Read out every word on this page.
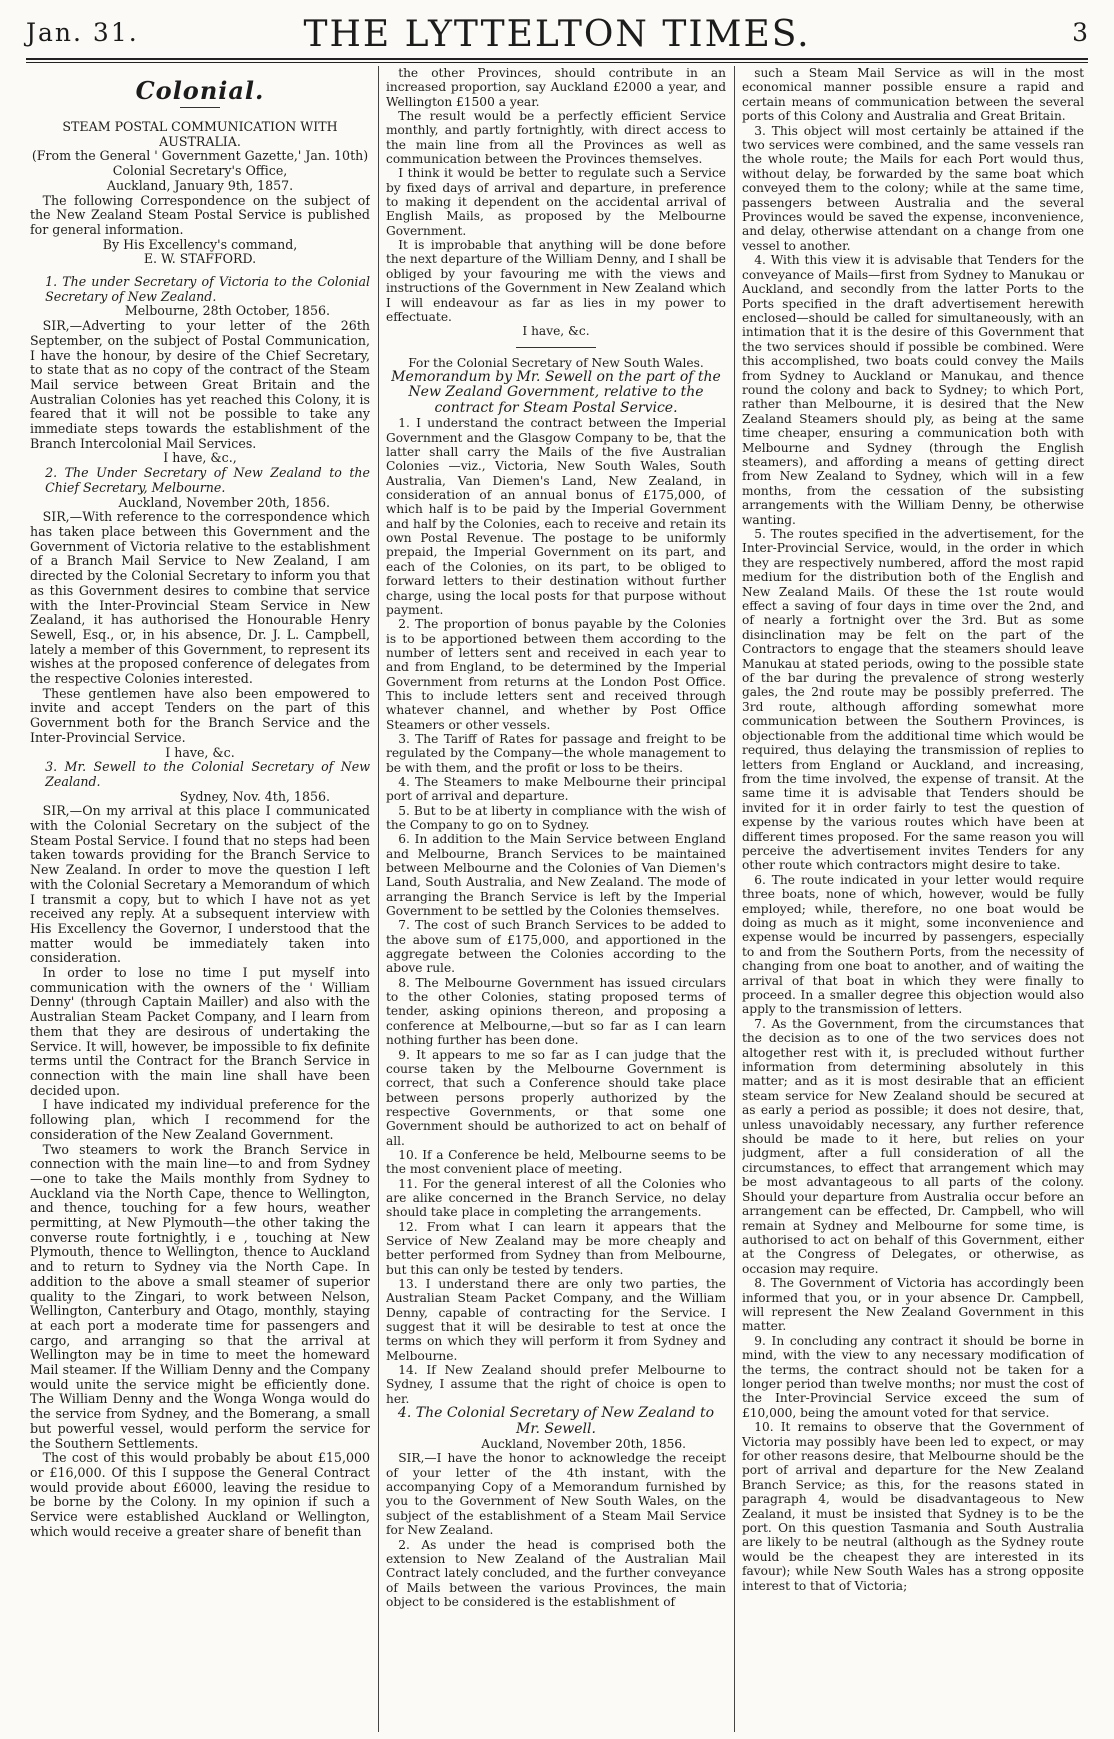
Jan. 31.	THE LYTTELTON TIMES.	3
Colonial.

STEAM POSTAL COMMUNICATION WITH AUSTRALIA.

(From the General ' Government Gazette,' Jan. 10th)

Colonial Secretary's Office,

Auckland, January 9th, 1857.

The following Correspondence on the subject of the New Zealand Steam Postal Service is published for general information.

By His Excellency's command,

E. W. STAFFORD.

1. The under Secretary of Victoria to the Colonial Secretary of New Zealand.

Melbourne, 28th October, 1856.

SIR,—Adverting to your letter of the 26th September, on the subject of Postal Communication, I have the honour, by desire of the Chief Secretary, to state that as no copy of the contract of the Steam Mail service between Great Britain and the Australian Colonies has yet reached this Colony, it is feared that it will not be possible to take any immediate steps towards the establishment of the Branch Intercolonial Mail Services.

I have, &c.,

2. The Under Secretary of New Zealand to the Chief Secretary, Melbourne.

Auckland, November 20th, 1856.

SIR,—With reference to the correspondence which has taken place between this Government and the Government of Victoria relative to the establishment of a Branch Mail Service to New Zealand, I am directed by the Colonial Secretary to inform you that as this Government desires to combine that service with the Inter-Provincial Steam Service in New Zealand, it has authorised the Honourable Henry Sewell, Esq., or, in his absence, Dr. J. L. Campbell, lately a member of this Government, to represent its wishes at the proposed conference of delegates from the respective Colonies interested.

These gentlemen have also been empowered to invite and accept Tenders on the part of this Government both for the Branch Service and the Inter-Provincial Service.

I have, &c.

3. Mr. Sewell to the Colonial Secretary of New Zealand.

Sydney, Nov. 4th, 1856.

SIR,—On my arrival at this place I communicated with the Colonial Secretary on the subject of the Steam Postal Service. I found that no steps had been taken towards providing for the Branch Service to New Zealand. In order to move the question I left with the Colonial Secretary a Memorandum of which I transmit a copy, but to which I have not as yet received any reply. At a subsequent interview with His Excellency the Governor, I understood that the matter would be immediately taken into consideration.

In order to lose no time I put myself into communication with the owners of the ' William Denny' (through Captain Mailler) and also with the Australian Steam Packet Company, and I learn from them that they are desirous of undertaking the Service. It will, however, be impossible to fix definite terms until the Contract for the Branch Service in connection with the main line shall have been decided upon.

I have indicated my individual preference for the following plan, which I recommend for the consideration of the New Zealand Government.

Two steamers to work the Branch Service in connection with the main line—to and from Sydney—one to take the Mails monthly from Sydney to Auckland via the North Cape, thence to Wellington, and thence, touching for a few hours, weather permitting, at New Plymouth—the other taking the converse route fortnightly, i e , touching at New Plymouth, thence to Wellington, thence to Auckland and to return to Sydney via the North Cape. In addition to the above a small steamer of superior quality to the Zingari, to work between Nelson, Wellington, Canterbury and Otago, monthly, staying at each port a moderate time for passengers and cargo, and arranging so that the arrival at Wellington may be in time to meet the homeward Mail steamer. If the William Denny and the Company would unite the service might be efficiently done. The William Denny and the Wonga Wonga would do the service from Sydney, and the Bomerang, a small but powerful vessel, would perform the service for the Southern Settlements.

The cost of this would probably be about £15,000 or £16,000. Of this I suppose the General Contract would provide about £6000, leaving the residue to be borne by the Colony. In my opinion if such a Service were established Auckland or Wellington, which would receive a greater share of benefit than

the other Provinces, should contribute in an increased proportion, say Auckland £2000 a year, and Wellington £1500 a year.

The result would be a perfectly efficient Service monthly, and partly fortnightly, with direct access to the main line from all the Provinces as well as communication between the Provinces themselves.

I think it would be better to regulate such a Service by fixed days of arrival and departure, in preference to making it dependent on the accidental arrival of English Mails, as proposed by the Melbourne Government.

It is improbable that anything will be done before the next departure of the William Denny, and I shall be obliged by your favouring me with the views and instructions of the Government in New Zealand which I will endeavour as far as lies in my power to effectuate.

I have, &c.

For the Colonial Secretary of New South Wales.

Memorandum by Mr. Sewell on the part of the New Zealand Government, relative to the contract for Steam Postal Service.

1. I understand the contract between the Imperial Government and the Glasgow Company to be, that the latter shall carry the Mails of the five Australian Colonies —viz., Victoria, New South Wales, South Australia, Van Diemen's Land, New Zealand, in consideration of an annual bonus of £175,000, of which half is to be paid by the Imperial Government and half by the Colonies, each to receive and retain its own Postal Revenue. The postage to be uniformly prepaid, the Imperial Government on its part, and each of the Colonies, on its part, to be obliged to forward letters to their destination without further charge, using the local posts for that purpose without payment.

2. The proportion of bonus payable by the Colonies is to be apportioned between them according to the number of letters sent and received in each year to and from England, to be determined by the Imperial Government from returns at the London Post Office. This to include letters sent and received through whatever channel, and whether by Post Office Steamers or other vessels.

3. The Tariff of Rates for passage and freight to be regulated by the Company—the whole management to be with them, and the profit or loss to be theirs.

4. The Steamers to make Melbourne their principal port of arrival and departure.

5. But to be at liberty in compliance with the wish of the Company to go on to Sydney.

6. In addition to the Main Service between England and Melbourne, Branch Services to be maintained between Melbourne and the Colonies of Van Diemen's Land, South Australia, and New Zealand. The mode of arranging the Branch Service is left by the Imperial Government to be settled by the Colonies themselves.

7. The cost of such Branch Services to be added to the above sum of £175,000, and apportioned in the aggregate between the Colonies according to the above rule.

8. The Melbourne Government has issued circulars to the other Colonies, stating proposed terms of tender, asking opinions thereon, and proposing a conference at Melbourne,—but so far as I can learn nothing further has been done.

9. It appears to me so far as I can judge that the course taken by the Melbourne Government is correct, that such a Conference should take place between persons properly authorized by the respective Governments, or that some one Government should be authorized to act on behalf of all.

10. If a Conference be held, Melbourne seems to be the most convenient place of meeting.

11. For the general interest of all the Colonies who are alike concerned in the Branch Service, no delay should take place in completing the arrangements.

12. From what I can learn it appears that the Service of New Zealand may be more cheaply and better performed from Sydney than from Melbourne, but this can only be tested by tenders.

13. I understand there are only two parties, the Australian Steam Packet Company, and the William Denny, capable of contracting for the Service. I suggest that it will be desirable to test at once the terms on which they will perform it from Sydney and Melbourne.

14. If New Zealand should prefer Melbourne to Sydney, I assume that the right of choice is open to her.

4. The Colonial Secretary of New Zealand to Mr. Sewell.

Auckland, November 20th, 1856.

SIR,—I have the honor to acknowledge the receipt of your letter of the 4th instant, with the accompanying Copy of a Memorandum furnished by you to the Government of New South Wales, on the subject of the establishment of a Steam Mail Service for New Zealand.

2. As under the head is comprised both the extension to New Zealand of the Australian Mail Contract lately concluded, and the further conveyance of Mails between the various Provinces, the main object to be considered is the establishment of

such a Steam Mail Service as will in the most economical manner possible ensure a rapid and certain means of communication between the several ports of this Colony and Australia and Great Britain.

3. This object will most certainly be attained if the two services were combined, and the same vessels ran the whole route; the Mails for each Port would thus, without delay, be forwarded by the same boat which conveyed them to the colony; while at the same time, passengers between Australia and the several Provinces would be saved the expense, inconvenience, and delay, otherwise attendant on a change from one vessel to another.

4. With this view it is advisable that Tenders for the conveyance of Mails—first from Sydney to Manukau or Auckland, and secondly from the latter Ports to the Ports specified in the draft advertisement herewith enclosed—should be called for simultaneously, with an intimation that it is the desire of this Government that the two services should if possible be combined. Were this accomplished, two boats could convey the Mails from Sydney to Auckland or Manukau, and thence round the colony and back to Sydney; to which Port, rather than Melbourne, it is desired that the New Zealand Steamers should ply, as being at the same time cheaper, ensuring a communication both with Melbourne and Sydney (through the English steamers), and affording a means of getting direct from New Zealand to Sydney, which will in a few months, from the cessation of the subsisting arrangements with the William Denny, be otherwise wanting.

5. The routes specified in the advertisement, for the Inter-Provincial Service, would, in the order in which they are respectively numbered, afford the most rapid medium for the distribution both of the English and New Zealand Mails. Of these the 1st route would effect a saving of four days in time over the 2nd, and of nearly a fortnight over the 3rd. But as some disinclination may be felt on the part of the Contractors to engage that the steamers should leave Manukau at stated periods, owing to the possible state of the bar during the prevalence of strong westerly gales, the 2nd route may be possibly preferred. The 3rd route, although affording somewhat more communication between the Southern Provinces, is objectionable from the additional time which would be required, thus delaying the transmission of replies to letters from England or Auckland, and increasing, from the time involved, the expense of transit. At the same time it is advisable that Tenders should be invited for it in order fairly to test the question of expense by the various routes which have been at different times proposed. For the same reason you will perceive the advertisement invites Tenders for any other route which contractors might desire to take.

6. The route indicated in your letter would require three boats, none of which, however, would be fully employed; while, therefore, no one boat would be doing as much as it might, some inconvenience and expense would be incurred by passengers, especially to and from the Southern Ports, from the necessity of changing from one boat to another, and of waiting the arrival of that boat in which they were finally to proceed. In a smaller degree this objection would also apply to the transmission of letters.

7. As the Government, from the circumstances that the decision as to one of the two services does not altogether rest with it, is precluded without further information from determining absolutely in this matter; and as it is most desirable that an efficient steam service for New Zealand should be secured at as early a period as possible; it does not desire, that, unless unavoidably necessary, any further reference should be made to it here, but relies on your judgment, after a full consideration of all the circumstances, to effect that arrangement which may be most advantageous to all parts of the colony. Should your departure from Australia occur before an arrangement can be effected, Dr. Campbell, who will remain at Sydney and Melbourne for some time, is authorised to act on behalf of this Government, either at the Congress of Delegates, or otherwise, as occasion may require.

8. The Government of Victoria has accordingly been informed that you, or in your absence Dr. Campbell, will represent the New Zealand Government in this matter.

9. In concluding any contract it should be borne in mind, with the view to any necessary modification of the terms, the contract should not be taken for a longer period than twelve months; nor must the cost of the Inter-Provincial Service exceed the sum of £10,000, being the amount voted for that service.

10. It remains to observe that the Government of Victoria may possibly have been led to expect, or may for other reasons desire, that Melbourne should be the port of arrival and departure for the New Zealand Branch Service; as this, for the reasons stated in paragraph 4, would be disadvantageous to New Zealand, it must be insisted that Sydney is to be the port. On this question Tasmania and South Australia are likely to be neutral (although as the Sydney route would be the cheapest they are interested in its favour); while New South Wales has a strong opposite interest to that of Victoria;
